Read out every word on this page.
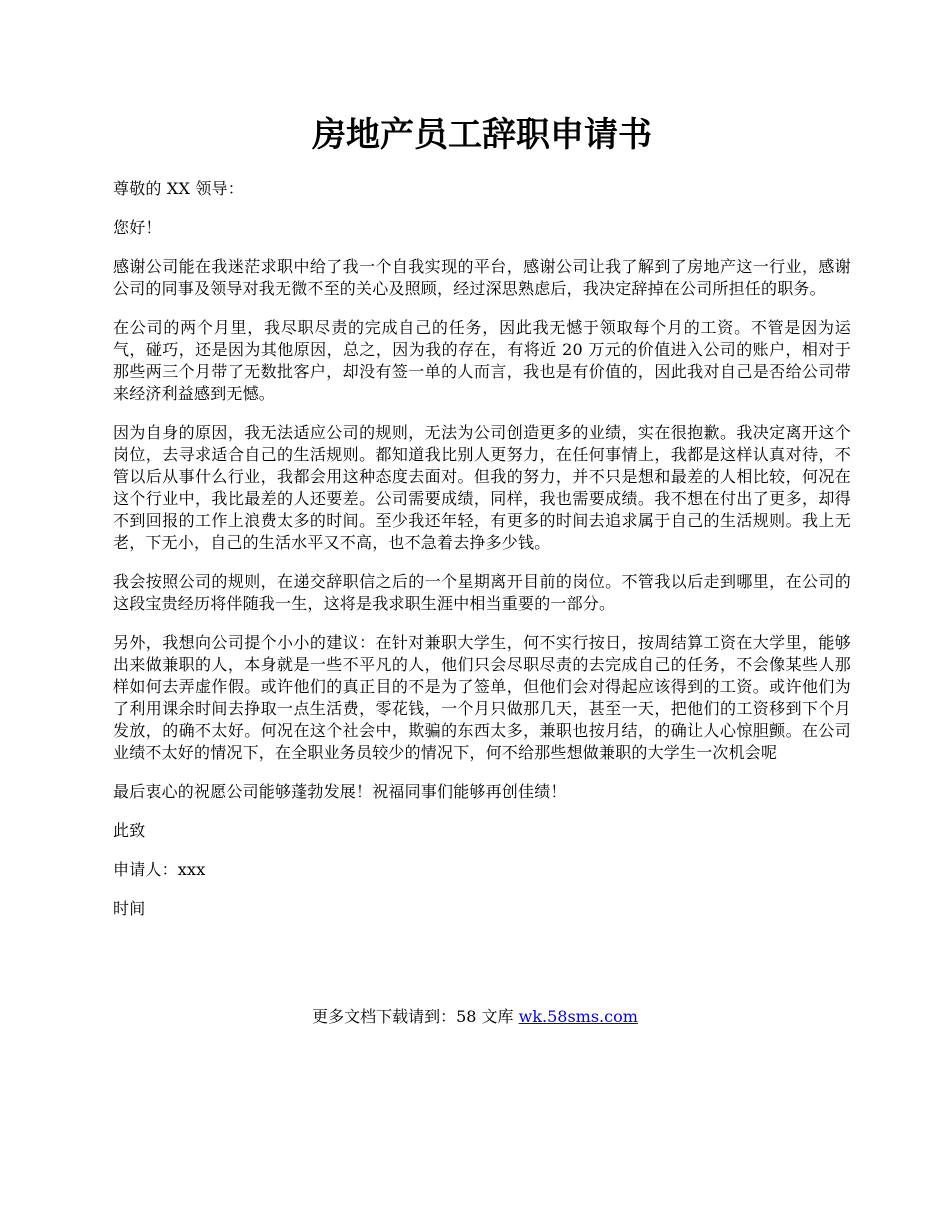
房地产员工辞职申请书

尊敬的 XX 领导：

您好！

感谢公司能在我迷茫求职中给了我一个自我实现的平台，感谢公司让我了解到了房地产这一行业，感谢公司的同事及领导对我无微不至的关心及照顾，经过深思熟虑后，我决定辞掉在公司所担任的职务。

在公司的两个月里，我尽职尽责的完成自己的任务，因此我无憾于领取每个月的工资。不管是因为运气，碰巧，还是因为其他原因，总之，因为我的存在，有将近 20 万元的价值进入公司的账户，相对于那些两三个月带了无数批客户，却没有签一单的人而言，我也是有价值的，因此我对自己是否给公司带来经济利益感到无憾。

因为自身的原因，我无法适应公司的规则，无法为公司创造更多的业绩，实在很抱歉。我决定离开这个岗位，去寻求适合自己的生活规则。都知道我比别人更努力，在任何事情上，我都是这样认真对待，不管以后从事什么行业，我都会用这种态度去面对。但我的努力，并不只是想和最差的人相比较，何况在这个行业中，我比最差的人还要差。公司需要成绩，同样，我也需要成绩。我不想在付出了更多，却得不到回报的工作上浪费太多的时间。至少我还年轻，有更多的时间去追求属于自己的生活规则。我上无老，下无小，自己的生活水平又不高，也不急着去挣多少钱。

我会按照公司的规则，在递交辞职信之后的一个星期离开目前的岗位。不管我以后走到哪里，在公司的这段宝贵经历将伴随我一生，这将是我求职生涯中相当重要的一部分。

另外，我想向公司提个小小的建议：在针对兼职大学生，何不实行按日，按周结算工资在大学里，能够出来做兼职的人，本身就是一些不平凡的人，他们只会尽职尽责的去完成自己的任务，不会像某些人那样如何去弄虚作假。或许他们的真正目的不是为了签单，但他们会对得起应该得到的工资。或许他们为了利用课余时间去挣取一点生活费，零花钱，一个月只做那几天，甚至一天，把他们的工资移到下个月发放，的确不太好。何况在这个社会中，欺骗的东西太多，兼职也按月结，的确让人心惊胆颤。在公司业绩不太好的情况下，在全职业务员较少的情况下，何不给那些想做兼职的大学生一次机会呢

最后衷心的祝愿公司能够蓬勃发展！祝福同事们能够再创佳绩！

此致

申请人：xxx

时间

更多文档下载请到：58 文库 wk.58sms.com
